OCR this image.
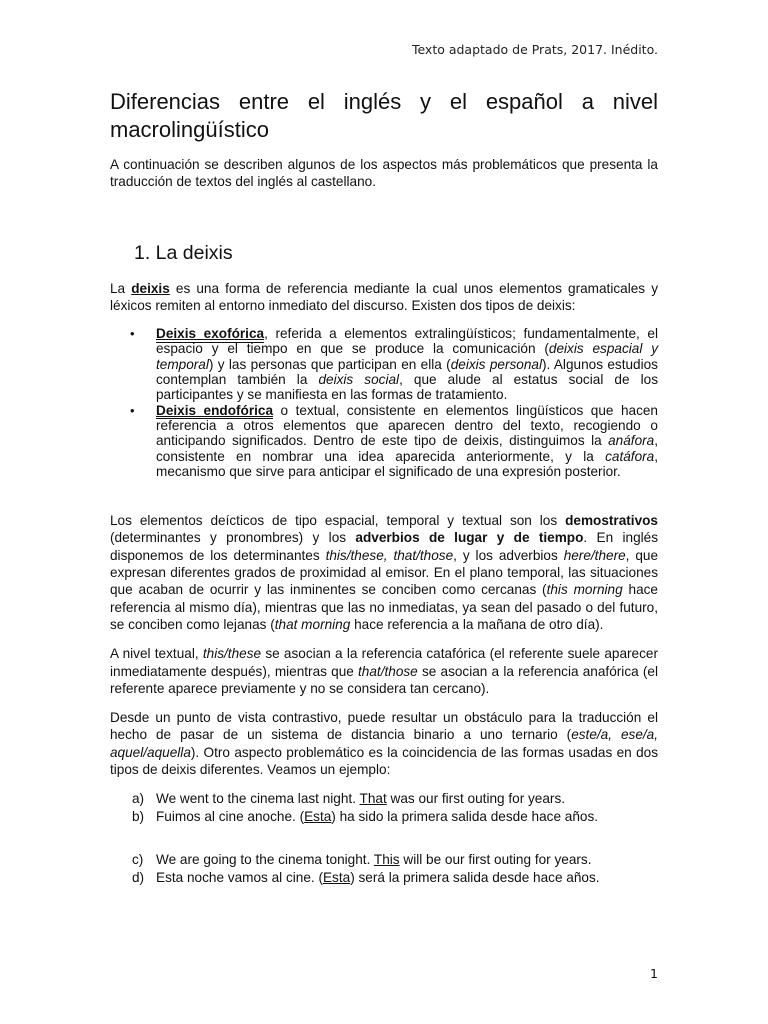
Texto adaptado de Prats, 2017. Inédito.
Diferencias entre el inglés y el español a nivel macrolingüístico

A continuación se describen algunos de los aspectos más problemáticos que presenta la traducción de textos del inglés al castellano.

1. La deixis

La deixis es una forma de referencia mediante la cual unos elementos gramaticales y léxicos remiten al entorno inmediato del discurso. Existen dos tipos de deixis:

• Deixis exofórica, referida a elementos extralingüísticos; fundamentalmente, el espacio y el tiempo en que se produce la comunicación (deixis espacial y temporal) y las personas que participan en ella (deixis personal). Algunos estudios contemplan también la deixis social, que alude al estatus social de los participantes y se manifiesta en las formas de tratamiento.
• Deixis endofórica o textual, consistente en elementos lingüísticos que hacen referencia a otros elementos que aparecen dentro del texto, recogiendo o anticipando significados. Dentro de este tipo de deixis, distinguimos la anáfora, consistente en nombrar una idea aparecida anteriormente, y la catáfora, mecanismo que sirve para anticipar el significado de una expresión posterior.

Los elementos deícticos de tipo espacial, temporal y textual son los demostrativos (determinantes y pronombres) y los adverbios de lugar y de tiempo. En inglés disponemos de los determinantes this/these, that/those, y los adverbios here/there, que expresan diferentes grados de proximidad al emisor. En el plano temporal, las situaciones que acaban de ocurrir y las inminentes se conciben como cercanas (this morning hace referencia al mismo día), mientras que las no inmediatas, ya sean del pasado o del futuro, se conciben como lejanas (that morning hace referencia a la mañana de otro día).

A nivel textual, this/these se asocian a la referencia catafórica (el referente suele aparecer inmediatamente después), mientras que that/those se asocian a la referencia anafórica (el referente aparece previamente y no se considera tan cercano).

Desde un punto de vista contrastivo, puede resultar un obstáculo para la traducción el hecho de pasar de un sistema de distancia binario a uno ternario (este/a, ese/a, aquel/aquella). Otro aspecto problemático es la coincidencia de las formas usadas en dos tipos de deixis diferentes. Veamos un ejemplo:

a) We went to the cinema last night. That was our first outing for years.
b) Fuimos al cine anoche. (Esta) ha sido la primera salida desde hace años.
c) We are going to the cinema tonight. This will be our first outing for years.
d) Esta noche vamos al cine. (Esta) será la primera salida desde hace años.
1
